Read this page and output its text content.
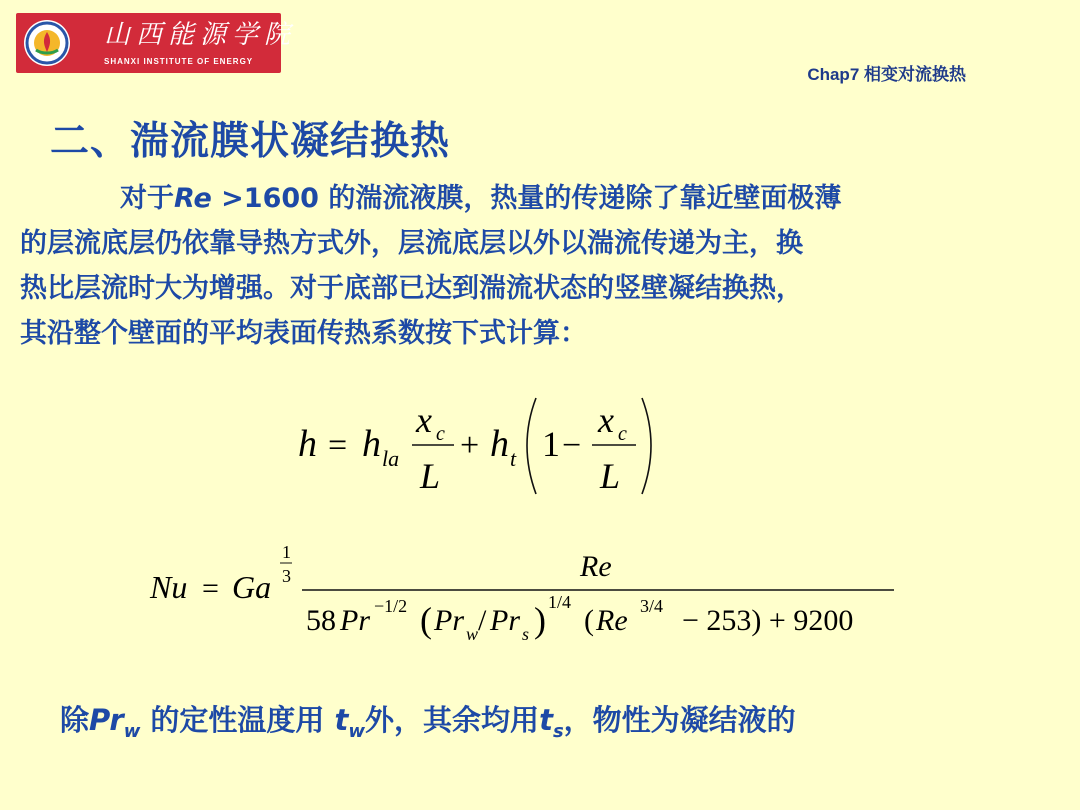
山西能源学院
SHANXI INSTITUTE OF ENERGY
Chap7 相变对流换热
二、湍流膜状凝结换热
对于Re >1600 的湍流液膜，热量的传递除了靠近壁面极薄
的层流底层仍依靠导热方式外，层流底层以外以湍流传递为主，换
热比层流时大为增强。对于底部已达到湍流状态的竖壁凝结换热，
其沿整个壁面的平均表面传热系数按下式计算：
h = h la
x c
L
+ h t 1 −
x c
L
Nu = Ga
1
3	Re
58 Pr −1/2 ( Pr w / Pr s ) 1/4
( Re 3/4 − 253) + 9200
除$Pr_w$ 的定性温度用 $t_w$外，其余均用$t_s$，物性为凝结液的
